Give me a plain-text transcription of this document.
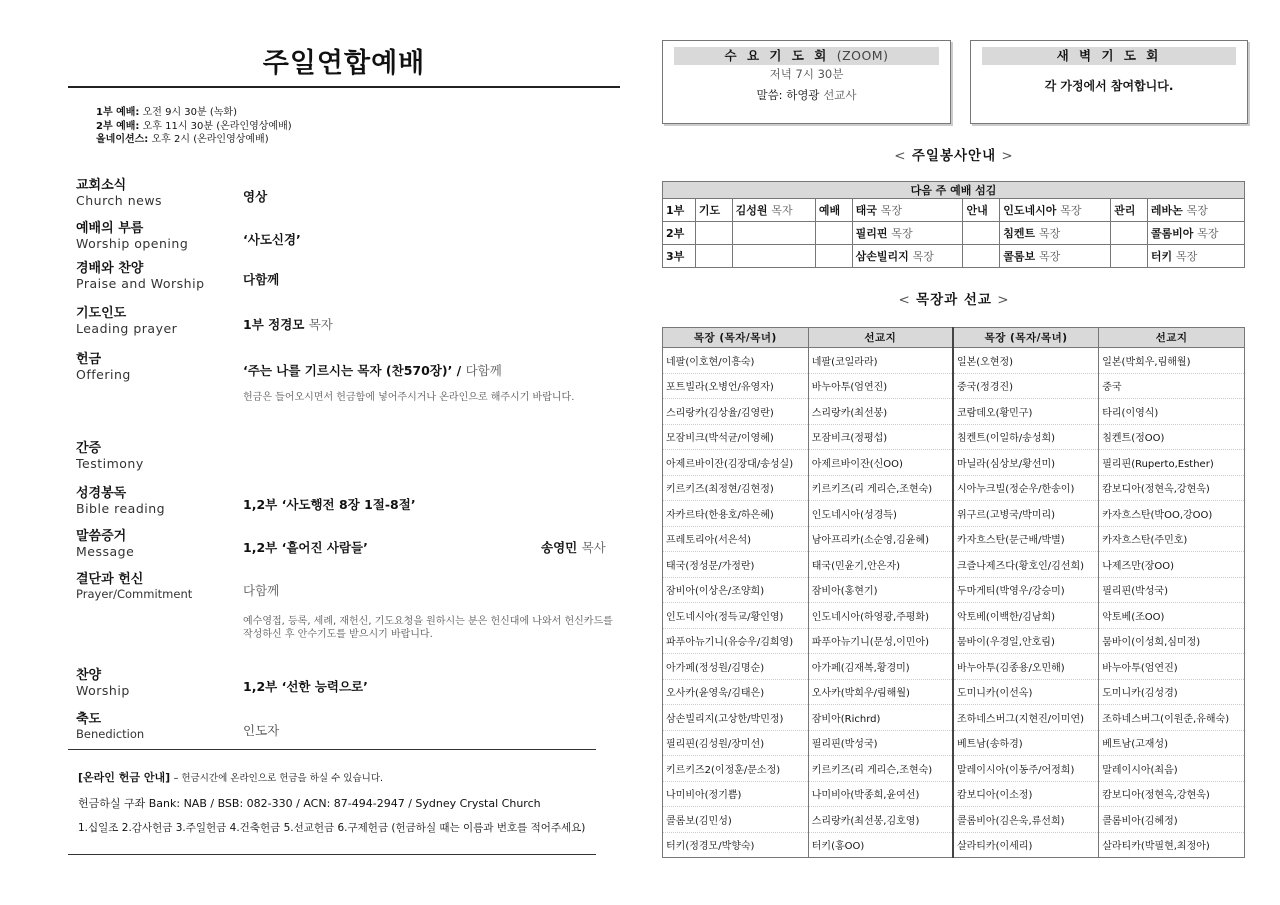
주일연합예배
1부 예배: 오전 9시 30분 (녹화)
2부 예배: 오후 11시 30분 (온라인영상예배)
올네이션스: 오후 2시 (온라인영상예배)
교회소식
Church news	영상
예배의 부름
Worship opening	‘사도신경’
경배와 찬양
Praise and Worship	다함께
기도인도
Leading prayer	1부 정경모 목자
헌금
Offering	‘주는 나를 기르시는 목자 (찬570장)’ / 다함께
헌금은 들어오시면서 헌금함에 넣어주시거나 온라인으로 해주시기 바랍니다.
간증
Testimony
성경봉독
Bible reading	1,2부 ‘사도행전 8장 1절-8절’
말씀증거
Message	1,2부 ‘흩어진 사람들’	송영민 목사
결단과 헌신
Prayer/Commitment	다함께
예수영접, 등록, 세례, 재헌신, 기도요청을 원하시는 분은 헌신대에 나와서 헌신카드를 작성하신 후 안수기도를 받으시기 바랍니다.
찬양
Worship	1,2부 ‘선한 능력으로’
축도
Benediction	인도자
[온라인 헌금 안내] – 헌금시간에 온라인으로 헌금을 하실 수 있습니다.
헌금하실 구좌 Bank: NAB / BSB: 082-330 / ACN: 87-494-2947 / Sydney Crystal Church
1.십일조 2.감사헌금 3.주일헌금 4.건축헌금 5.선교헌금 6.구제헌금 (헌금하실 때는 이름과 번호를 적어주세요)
수 요 기 도 회 (ZOOM)
저녁 7시 30분
말씀: 하영광 선교사
새 벽 기 도 회
각 가정에서 참여합니다.
< 주일봉사안내 >
다음 주 예배 섬김								
1부	기도	김성원 목자	예배	태국 목장	안내	인도네시아 목장	관리	레바논 목장
2부				필리핀 목장		침켄트 목장		콜롬비아 목장
3부				삼손빌리지 목장		콜롬보 목장		터키 목장
< 목장과 선교 >
목장 (목자/목녀)	선교지	목장 (목자/목녀)	선교지
네팔(이호현/이흥숙)	네팔(코일라라)	일본(오현정)	일본(박희우,림해월)
포트빌라(오병언/유영자)	바누아투(엄연진)	중국(정경진)	중국
스리랑카(김상율/김영란)	스리랑카(최선봉)	코람데오(황민구)	타리(이영식)
모잠비크(박석균/이영혜)	모잠비크(정평섭)	침켄트(이일하/송성희)	침켄트(정OO)
아제르바이잔(김장대/송성실)	아제르바이잔(신OO)	마닐라(심상보/황선미)	필리핀(Ruperto,Esther)
키르키즈(최정현/김현정)	키르키즈(리 게리슨,조현숙)	시아누크빌(정순우/한송이)	캄보디아(정현옥,강현욱)
자카르타(한용호/하은혜)	인도네시아(성경득)	위구르(고병국/박미리)	카자흐스탄(박OO,강OO)
프레토리아(서은석)	남아프리카(소순영,김윤혜)	카자흐스탄(문근배/박별)	카자흐스탄(주민호)
태국(정성문/가정란)	태국(민윤기,안은자)	크즐나제즈다(황호인/김선희)	나제즈만(장OO)
잠비아(이상은/조양희)	잠비아(홍현기)	두마게티(박영우/강승미)	필리핀(박성국)
인도네시아(정득교/황인영)	인도네시아(하영광,주평화)	악토베(이백한/김남희)	악토베(조OO)
파푸아뉴기니(유승우/김희영)	파푸아뉴기니(문성,이민아)	뭄바이(우경일,안호림)	뭄바이(이성희,심미정)
아가페(정성원/김명순)	아가페(김재복,황경미)	바누아투(김종용/오민해)	바누아투(엄연진)
오사카(윤영욱/김태은)	오사카(박희우/림해월)	도미니카(이선옥)	도미니카(김성경)
삼손빌리지(고상한/박민정)	잠비아(Richrd)	조하네스버그(지현진/이미연)	조하네스버그(이원준,유해숙)
필리핀(김성원/장미선)	필리핀(박성국)	베트남(송하경)	베트남(고재성)
키르키즈2(이정훈/문소정)	키르키즈(리 게리슨,조현숙)	말레이시아(이동주/어정희)	말레이시아(최음)
나미비아(정기쁨)	나미비아(박종희,윤여선)	캄보디아(이소정)	캄보디아(정현옥,강현욱)
콜롬보(김민성)	스리랑카(최선봉,김호영)	콜롬비아(김은욱,류선희)	콜롬비아(김혜정)
터키(정경모/박향숙)	터키(홍OO)	살라티카(이세리)	살라티카(박필현,최정아)
